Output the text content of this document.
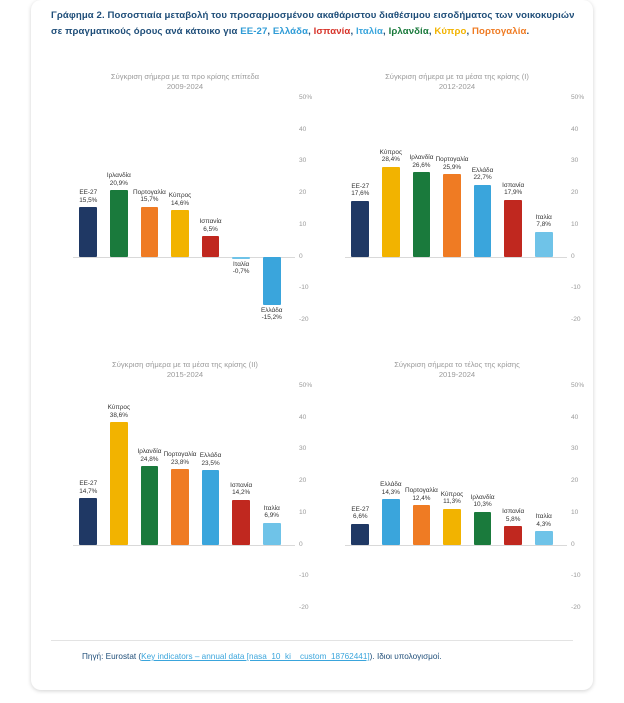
Γράφημα 2. Ποσοστιαία μεταβολή του προσαρμοσμένου ακαθάριστου διαθέσιμου εισοδήματος των νοικοκυριών σε πραγματικούς όρους ανά κάτοικο για ΕΕ-27, Ελλάδα, Ισπανία, Ιταλία, Ιρλανδία, Κύπρο, Πορτογαλία.
Σύγκριση σήμερα με τα προ κρίσης επίπεδα
2009-2024
50%
40
30
20
10
0
-10
-20
ΕΕ-27
15,5%
Ιρλανδία
20,9%
Πορτογαλία
15,7%
Κύπρος
14,6%
Ισπανία
6,5%
Ιταλία
-0,7%
Ελλάδα
-15,2%
Σύγκριση σήμερα με τα μέσα της κρίσης (Ι)
2012-2024
50%
40
30
20
10
0
-10
-20
ΕΕ-27
17,6%
Κύπρος
28,4%	Ιρλανδία
26,6%
Πορτογαλία
25,9%	Ελλάδα
22,7%
Ισπανία
17,9%
Ιταλία
7,8%
Σύγκριση σήμερα με τα μέσα της κρίσης (ΙΙ)
2015-2024
50%
40
30
20
10
0
-10
-20
ΕΕ-27
14,7%
Κύπρος
38,6%
Ιρλανδία
24,8%
Πορτογαλία
23,8%
Ελλάδα
23,5%
Ισπανία
14,2%
Ιταλία
6,9%
Σύγκριση σήμερα το τέλος της κρίσης
2019-2024
50%
40
30
20
10
0
-10
-20
ΕΕ-27
6,6%
Ελλάδα
14,3% Πορτογαλία
12,4%
Κύπρος
11,3%
Ιρλανδία
10,3%
Ισπανία
5,8%	Ιταλία
4,3%
Πηγή: Eurostat (Key indicators – annual data [nasa_10_ki__custom_18762441]). Ιδιοι υπολογισμοί.
